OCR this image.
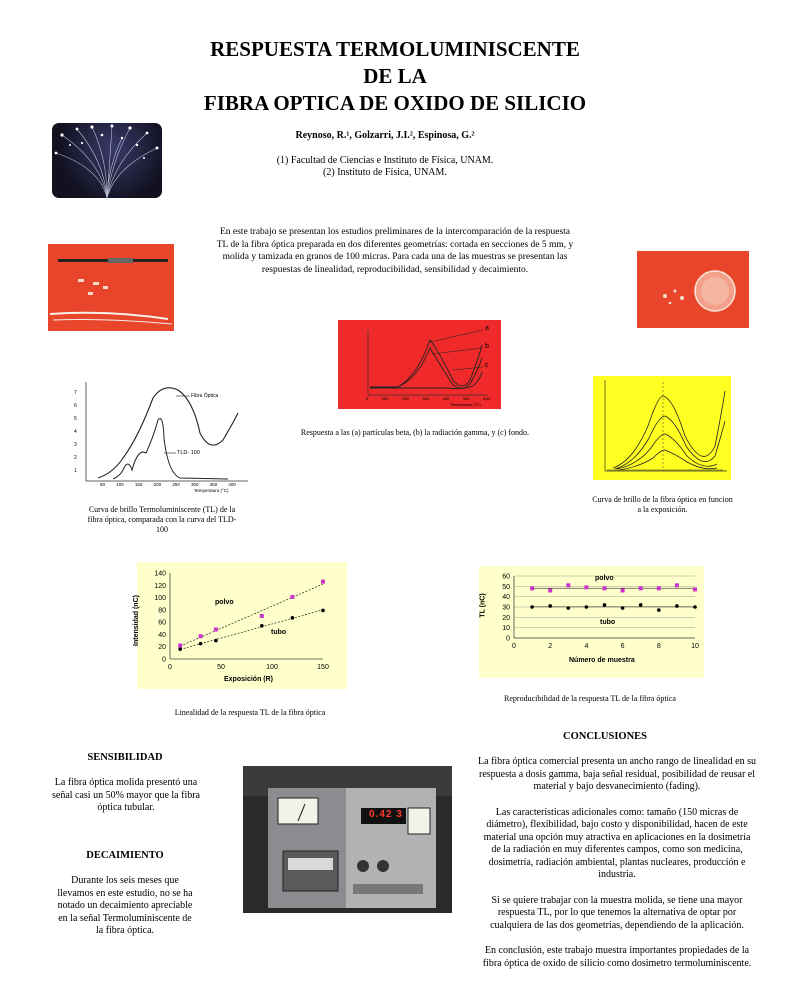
RESPUESTA TERMOLUMINISCENTE
DE LA
FIBRA OPTICA DE OXIDO DE SILICIO
Reynoso, R.¹, Golzarri, J.I.², Espinosa, G.²
(1) Facultad de Ciencias e Instituto de Física, UNAM.
(2) Instituto de Física, UNAM.
En este trabajo se presentan los estudios preliminares de la intercomparación de la respuesta TL de la fibra óptica preparada en dos diferentes geometrías: cortada en secciones de 5 mm, y molida y tamizada en granos de 100 micras. Para cada una de las muestras se presentan las respuestas de linealidad, reproducibilidad, sensibilidad y decaimiento.
a
b
c
0	100	200	300	400	500	600
Temperatura (°C)
Respuesta a las (a) partículas beta, (b) la radiación gamma, y (c) fondo.
Fibra Óptica
TLD- 100
1
2
3
4
5
6
7
50 100 150 200 250 300 350 400
Temperatura (°C)
Curva de brillo Termoluminiscente (TL) de la fibra óptica, comparada con la curva del TLD-100
Curva de brillo de la fibra óptica en funcion a la exposición.
0	50	100	150
0
20
40
60
80
100
120
140
Intensidad (nC)
Exposición (R)
polvo
tubo
Linealidad de la respuesta TL de la fibra óptica
0	2	4	6	8	10
0
10
20
30
40
50
60
TL (nC)
Número de muestra
polvo
tubo
Reproducibilidad de la respuesta TL de la fibra óptica
SENSIBILIDAD
La fibra óptica molida presentó una señal casi un 50% mayor que la fibra óptica tubular.
DECAIMIENTO
Durante los seis meses que llevamos en este estudio, no se ha notado un decaimiento apreciable en la señal Termoluminiscente de la fibra óptica.
0.42 3
CONCLUSIONES

La fibra óptica comercial presenta un ancho rango de linealidad en su respuesta a dosis gamma, baja señal residual, posibilidad de reusar el material y bajo desvanecimiento (fading).

Las características adicionales como: tamaño (150 micras de diámetro), flexibilidad, bajo costo y disponibilidad, hacen de este material una opción muy atractiva en aplicaciones en la dosimetría de la radiación en muy diferentes campos, como son medicina, dosimetría, radiación ambiental, plantas nucleares, producción e industria.

Si se quiere trabajar con la muestra molida, se tiene una mayor respuesta TL, por lo que tenemos la alternativa de optar por cualquiera de las dos geometrías, dependiendo de la aplicación.

En conclusión, este trabajo muestra importantes propiedades de la fibra óptica de oxido de silicio como dosimetro termoluminiscente.
